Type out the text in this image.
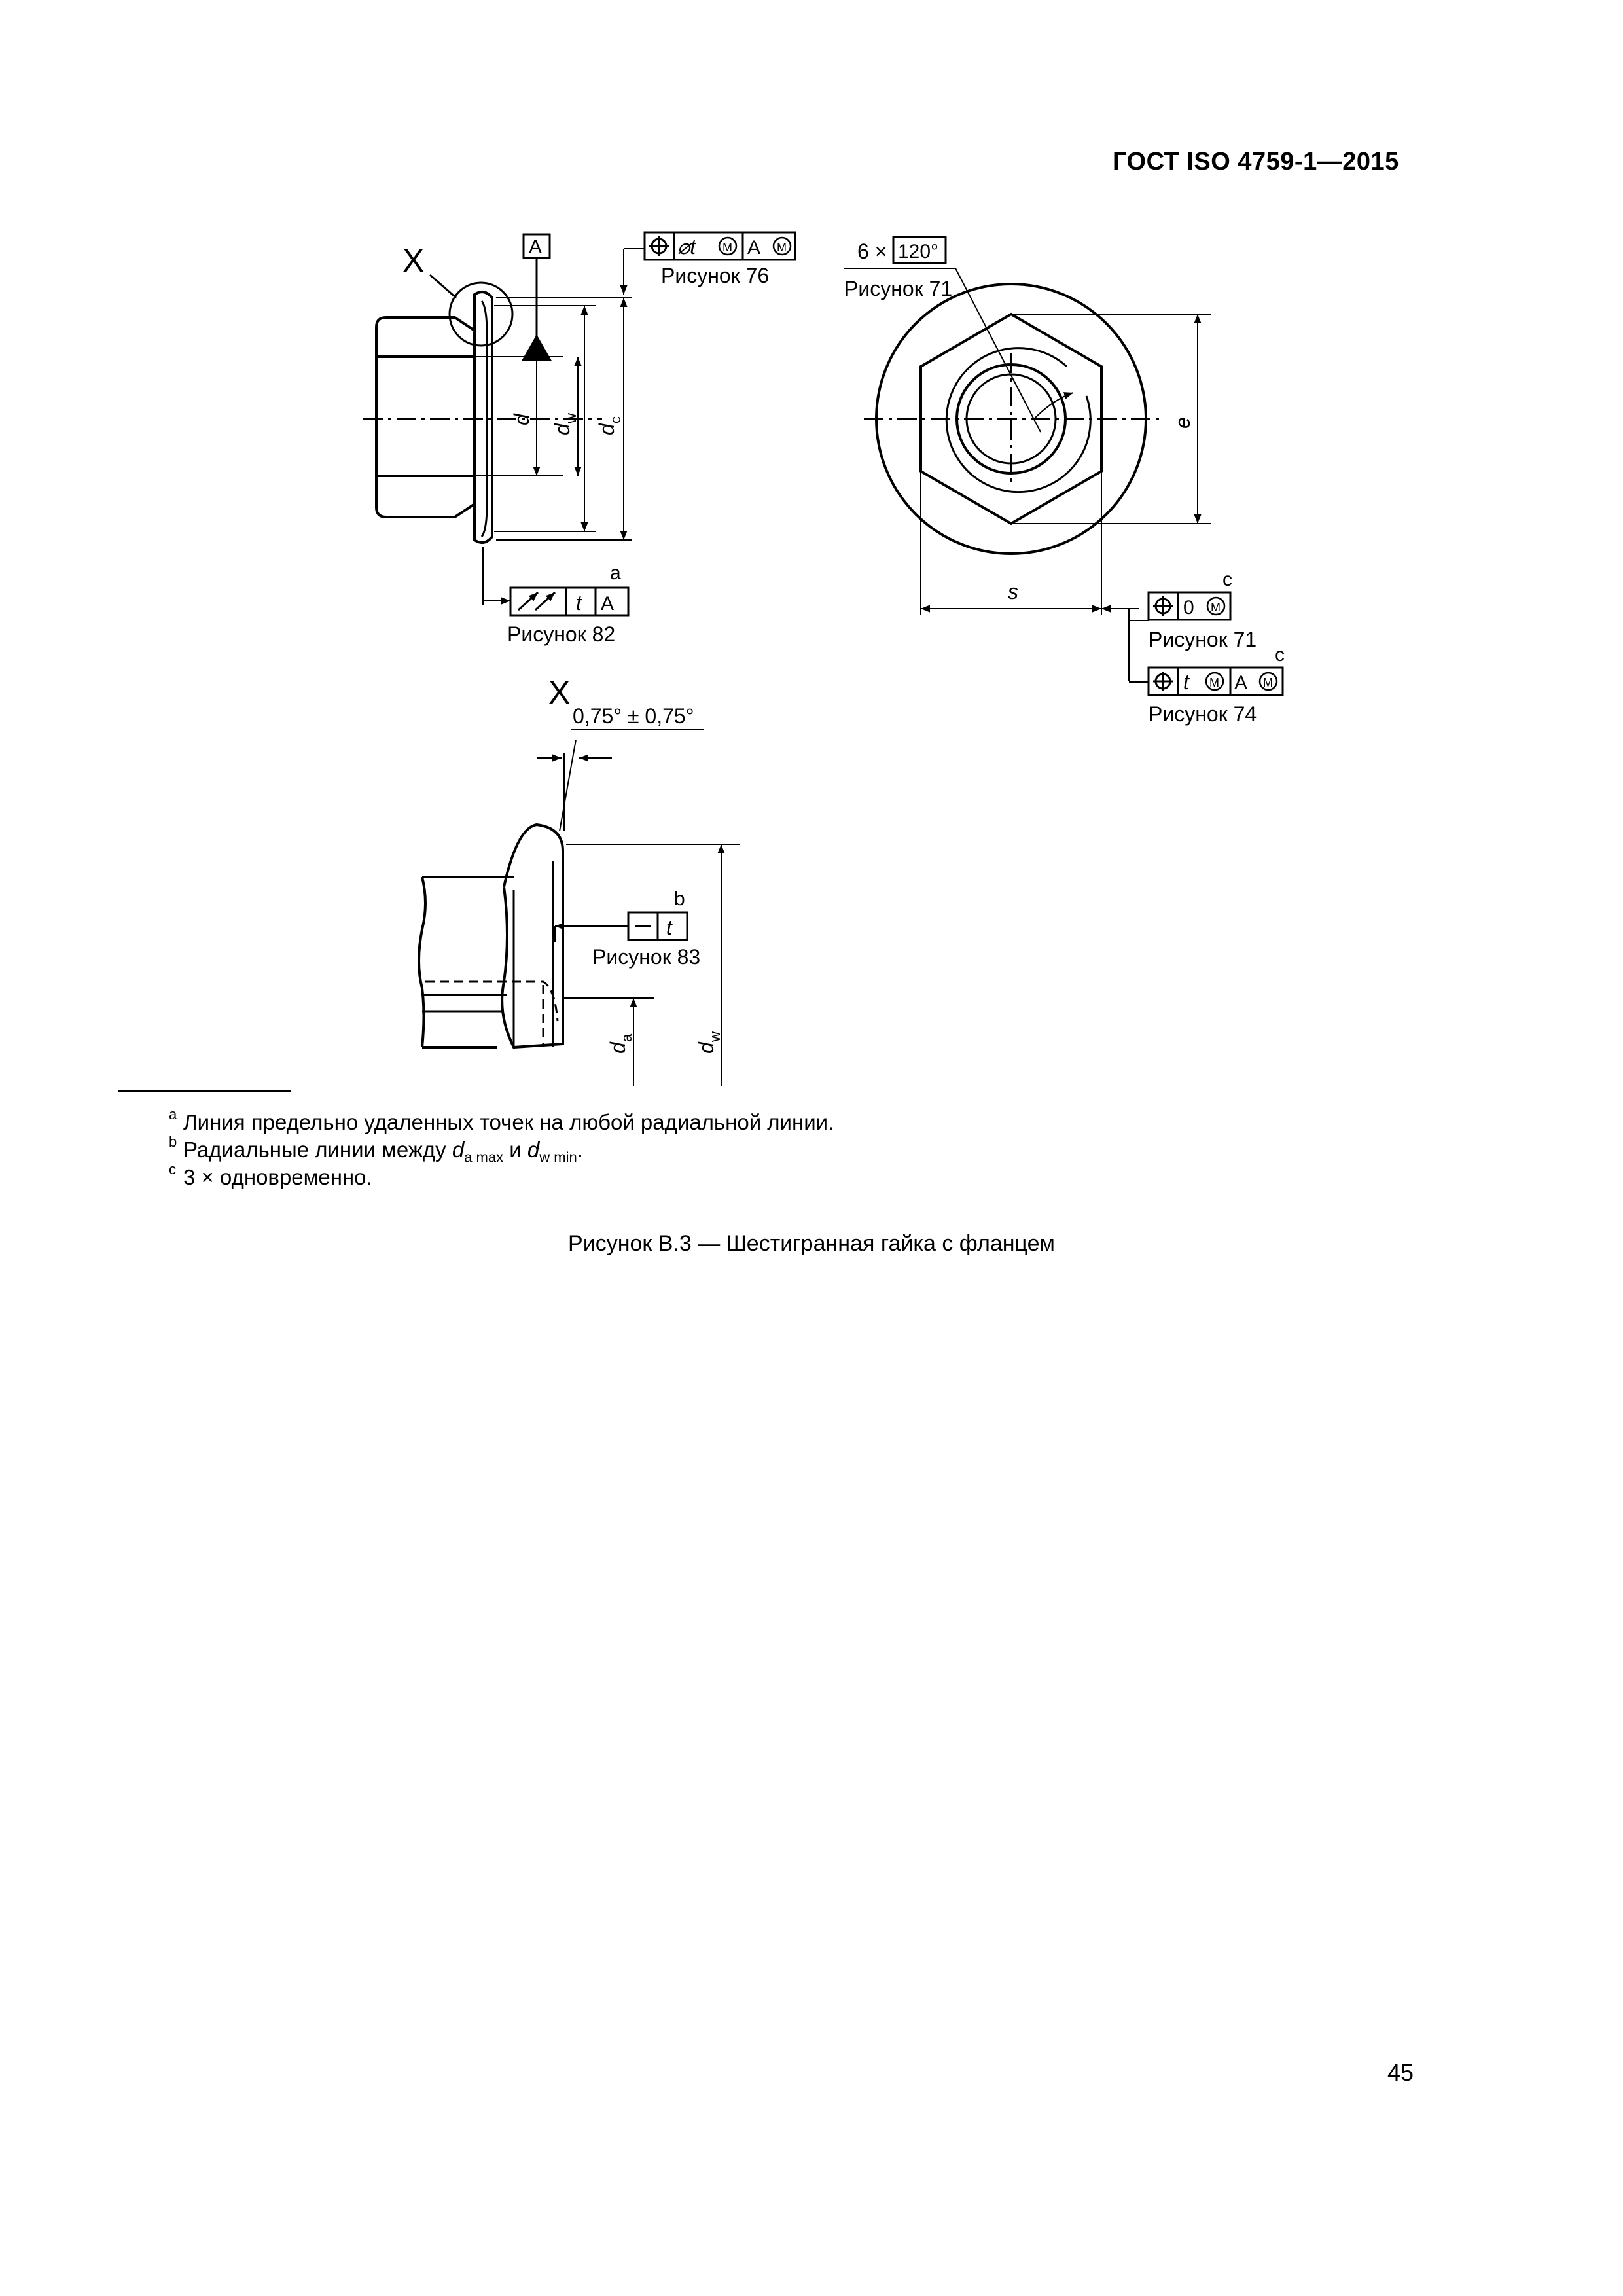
ГОСТ ISO 4759-1—2015
M	M
X	A	⌀t	A
Рисунок 76
a
t A
Рисунок 82
d
d
w
d
c
M
M	M
6 × 120°
Рисунок 71
e
s
c
0
Рисунок 71
c
t A
Рисунок 74
X
0,75° ± 0,75°
b
t
Рисунок 83
d
a
d
w
a Линия предельно удаленных точек на любой радиальной линии.
b Радиальные линии между $d_{a max}$ и $d_{w min}$.
c 3 × одновременно.
Рисунок В.3 — Шестигранная гайка с фланцем
45
